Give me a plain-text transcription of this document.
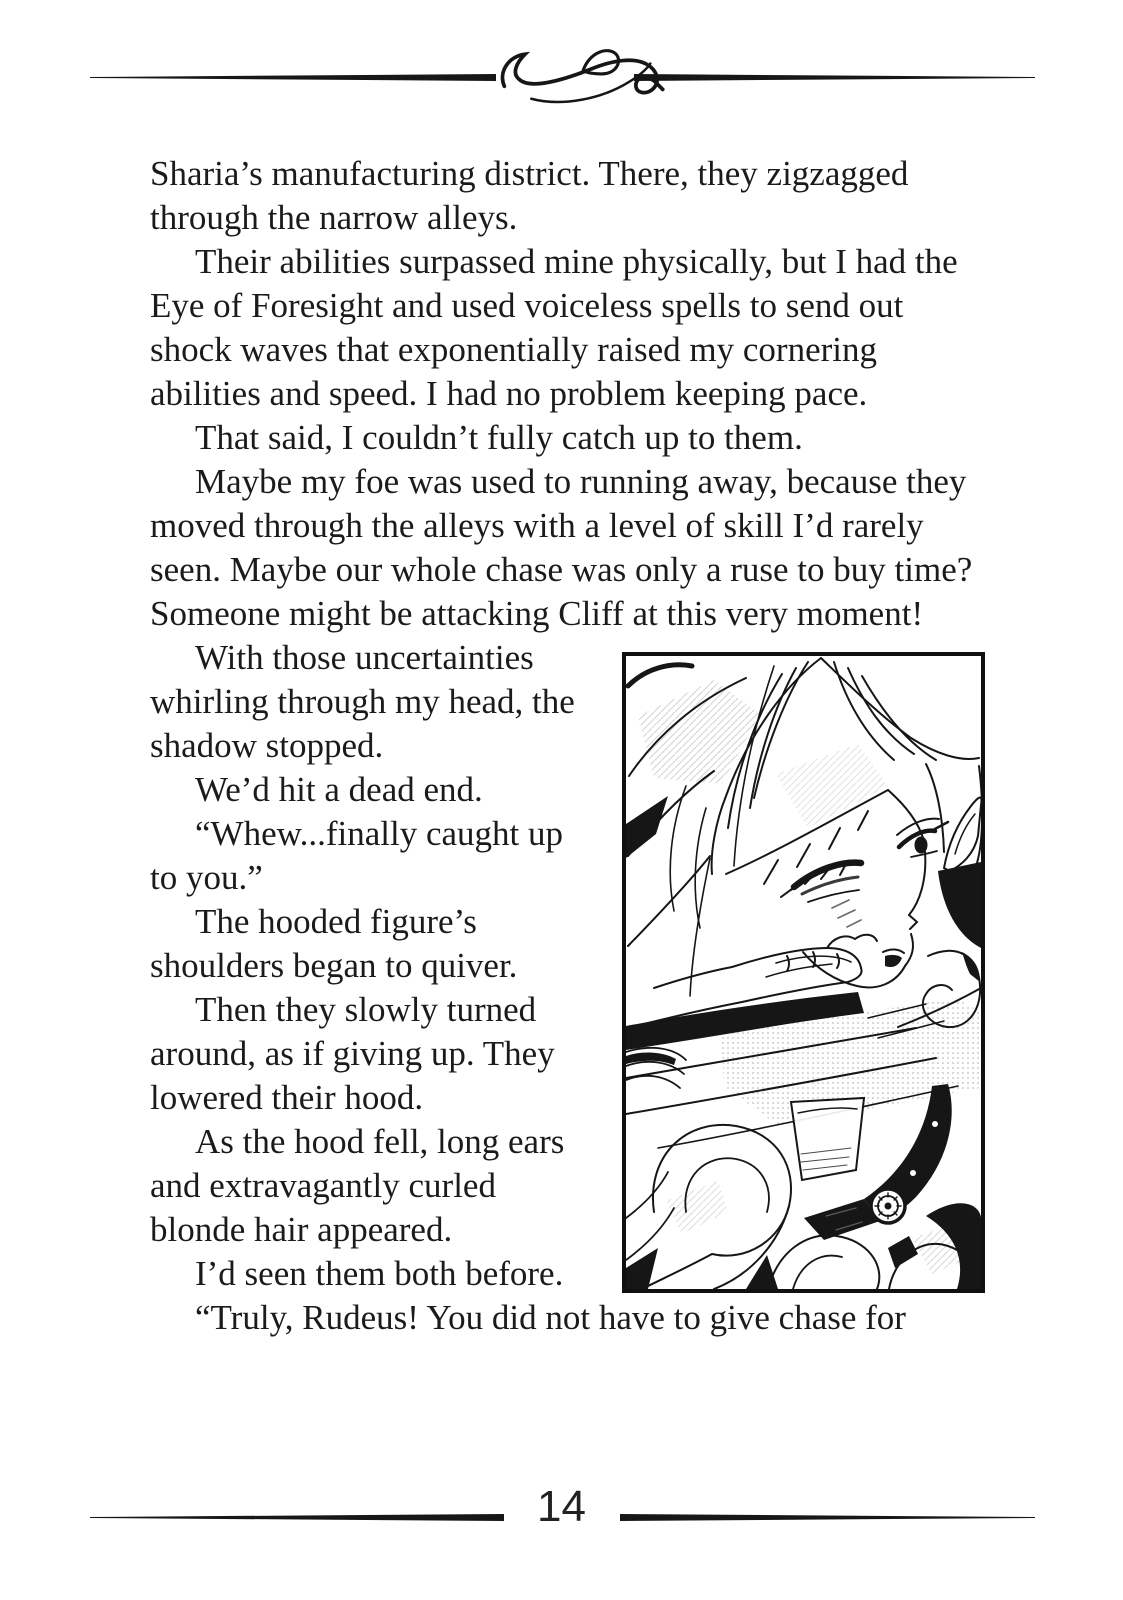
Sharia’s manufacturing district. There, they zigzagged through the narrow alleys.

Their abilities surpassed mine physically, but I had the Eye of Foresight and used voiceless spells to send out shock waves that exponentially raised my cornering abilities and speed. I had no problem keeping pace.

That said, I couldn’t fully catch up to them.

Maybe my foe was used to running away, because they moved through the alleys with a level of skill I’d rarely seen. Maybe our whole chase was only a ruse to buy time? Someone might be attacking Cliff at this very moment!

With those uncertainties whirling through my head, the shadow stopped.

We’d hit a dead end.

“Whew...finally caught up to you.”

The hooded figure’s shoulders began to quiver.

Then they slowly turned around, as if giving up. They lowered their hood.

As the hood fell, long ears and extravagantly curled blonde hair appeared.

I’d seen them both before.

“Truly, Rudeus! You did not have to give chase for

14
